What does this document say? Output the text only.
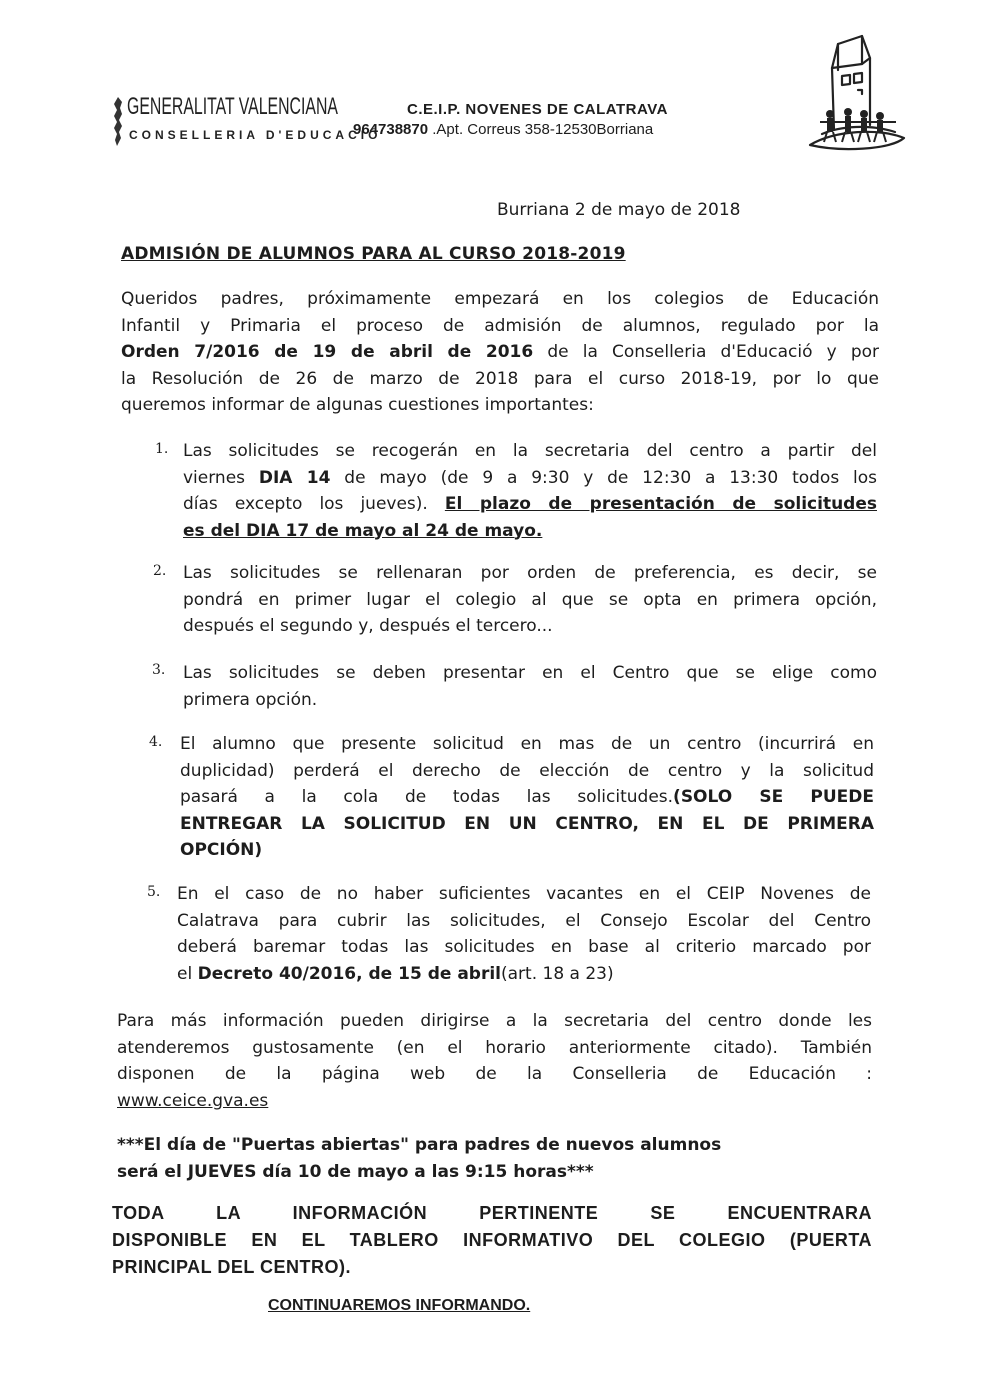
GENERALITAT VALENCIANA
CONSELLERIA D'EDUCACIÓ
C.E.I.P. NOVENES DE CALATRAVA
964738870 .Apt. Correus 358-12530Borriana
Burriana 2 de mayo de 2018
ADMISIÓN DE ALUMNOS PARA AL CURSO 2018-2019
Queridos padres, próximamente empezará en los colegios de Educación
Infantil y Primaria el proceso de admisión de alumnos, regulado por la
Orden 7/2016 de 19 de abril de 2016 de la Conselleria d'Educació y por
la Resolución de 26 de marzo de 2018 para el curso 2018-19, por lo que
queremos informar de algunas cuestiones importantes:
1. Las solicitudes se recogerán en la secretaria del centro a partir del
viernes DIA 14 de mayo (de 9 a 9:30 y de 12:30 a 13:30 todos los
días excepto los jueves). El plazo de presentación de solicitudes
es del DIA 17 de mayo al 24 de mayo.
2. Las solicitudes se rellenaran por orden de preferencia, es decir, se
pondrá en primer lugar el colegio al que se opta en primera opción,
después el segundo y, después el tercero...
3. Las solicitudes se deben presentar en el Centro que se elige como
primera opción.
4. El alumno que presente solicitud en mas de un centro (incurrirá en
duplicidad) perderá el derecho de elección de centro y la solicitud
pasará a la cola de todas las solicitudes.(SOLO SE PUEDE
ENTREGAR LA SOLICITUD EN UN CENTRO, EN EL DE PRIMERA
OPCIÓN)
5. En el caso de no haber suficientes vacantes en el CEIP Novenes de
Calatrava para cubrir las solicitudes, el Consejo Escolar del Centro
deberá baremar todas las solicitudes en base al criterio marcado por
el Decreto 40/2016, de 15 de abril(art. 18 a 23)
Para más información pueden dirigirse a la secretaria del centro donde les
atenderemos gustosamente (en el horario anteriormente citado). También
disponen de la página web de la Conselleria de Educación :
www.ceice.gva.es
***El día de "Puertas abiertas" para padres de nuevos alumnos
será el JUEVES día 10 de mayo a las 9:15 horas***
TODA LA INFORMACIÓN PERTINENTE SE ENCUENTRARA
DISPONIBLE EN EL TABLERO INFORMATIVO DEL COLEGIO (PUERTA
PRINCIPAL DEL CENTRO).
CONTINUAREMOS INFORMANDO.
